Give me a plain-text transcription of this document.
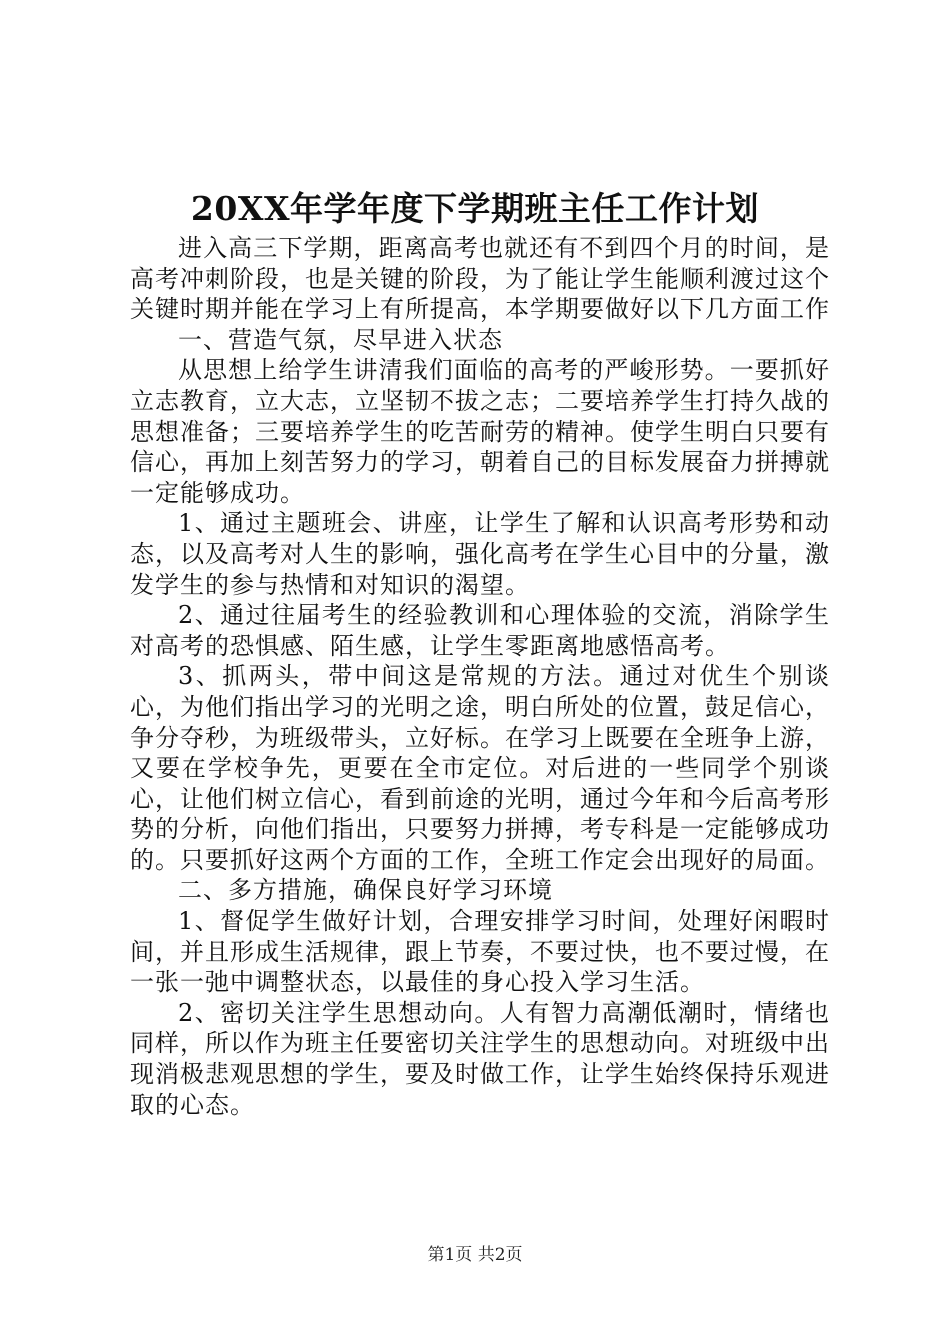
20XX年学年度下学期班主任工作计划

进入高三下学期，距离高考也就还有不到四个月的时间，是高考冲刺阶段，也是关键的阶段，为了能让学生能顺利渡过这个关键时期并能在学习上有所提高，本学期要做好以下几方面工作

一、营造气氛，尽早进入状态

从思想上给学生讲清我们面临的高考的严峻形势。一要抓好立志教育，立大志，立坚韧不拔之志；二要培养学生打持久战的思想准备；三要培养学生的吃苦耐劳的精神。使学生明白只要有信心，再加上刻苦努力的学习，朝着自己的目标发展奋力拼搏就一定能够成功。

1、通过主题班会、讲座，让学生了解和认识高考形势和动态，以及高考对人生的影响，强化高考在学生心目中的分量，激发学生的参与热情和对知识的渴望。

2、通过往届考生的经验教训和心理体验的交流，消除学生对高考的恐惧感、陌生感，让学生零距离地感悟高考。

3、抓两头，带中间这是常规的方法。通过对优生个别谈心，为他们指出学习的光明之途，明白所处的位置，鼓足信心，争分夺秒，为班级带头，立好标。在学习上既要在全班争上游，又要在学校争先，更要在全市定位。对后进的一些同学个别谈心，让他们树立信心，看到前途的光明，通过今年和今后高考形势的分析，向他们指出，只要努力拼搏，考专科是一定能够成功的。只要抓好这两个方面的工作，全班工作定会出现好的局面。

二、多方措施，确保良好学习环境

1、督促学生做好计划，合理安排学习时间，处理好闲暇时间，并且形成生活规律，跟上节奏，不要过快，也不要过慢，在一张一弛中调整状态，以最佳的身心投入学习生活。

2、密切关注学生思想动向。人有智力高潮低潮时，情绪也同样，所以作为班主任要密切关注学生的思想动向。对班级中出现消极悲观思想的学生，要及时做工作，让学生始终保持乐观进取的心态。

第1页 共2页
